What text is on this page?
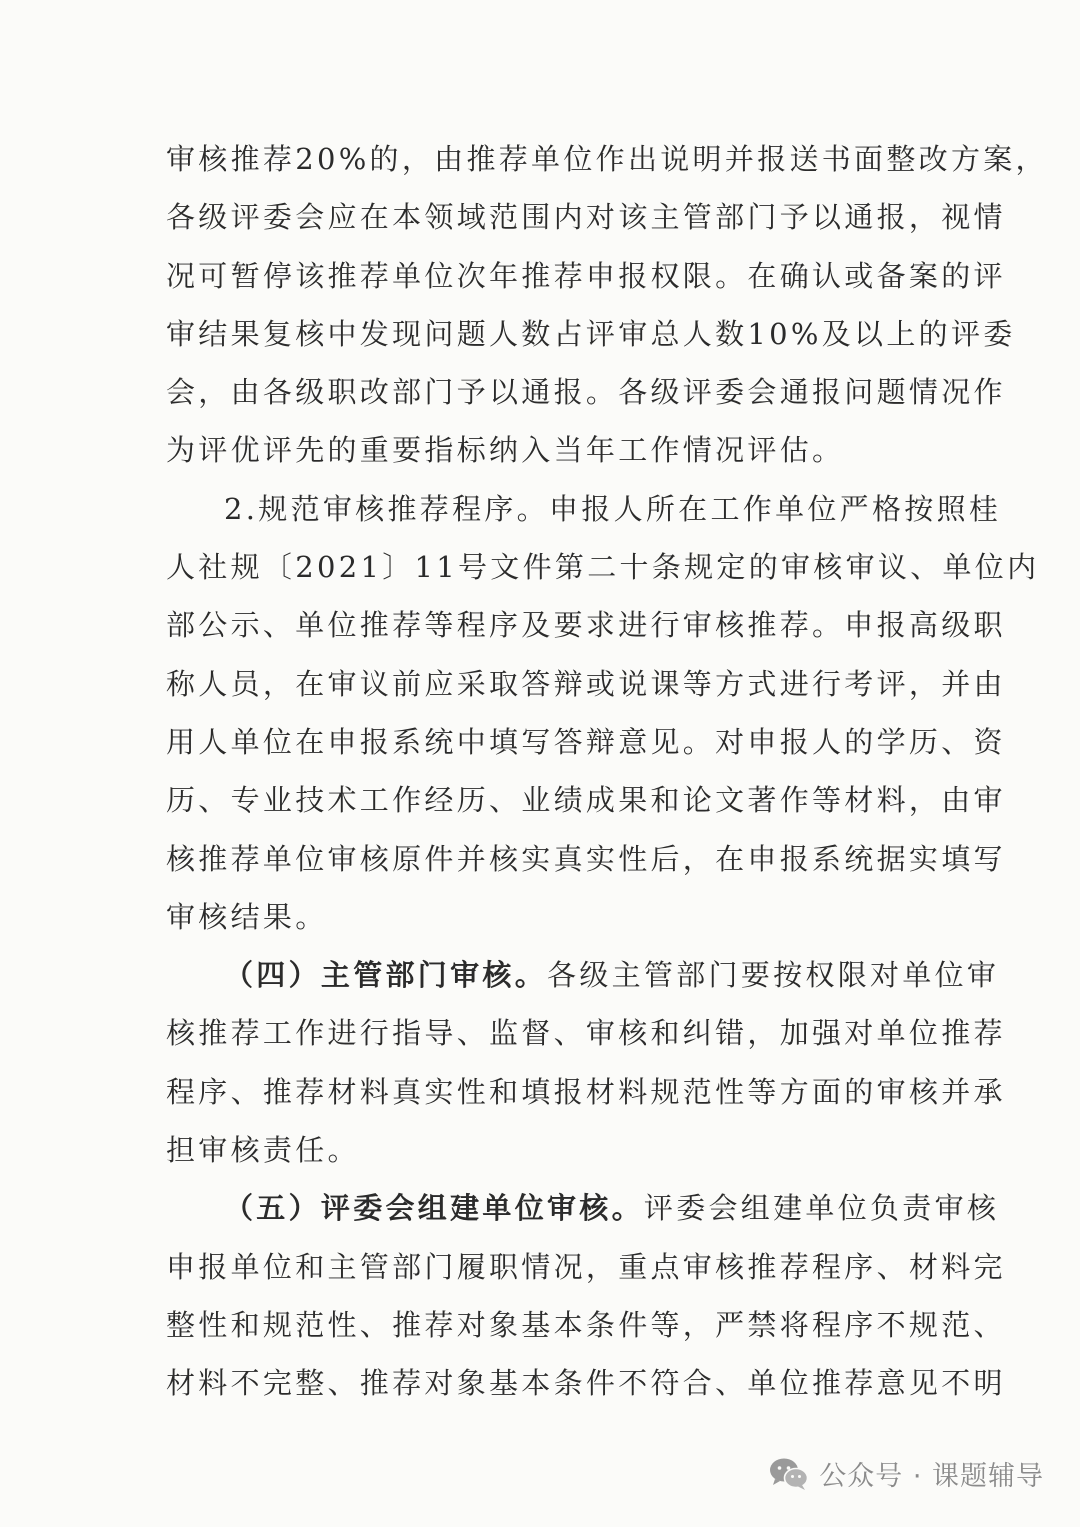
审核推荐20%的，由推荐单位作出说明并报送书面整改方案，
各级评委会应在本领域范围内对该主管部门予以通报，视情
况可暂停该推荐单位次年推荐申报权限。在确认或备案的评
审结果复核中发现问题人数占评审总人数10%及以上的评委
会，由各级职改部门予以通报。各级评委会通报问题情况作
为评优评先的重要指标纳入当年工作情况评估。
2.规范审核推荐程序。申报人所在工作单位严格按照桂
人社规〔2021〕11号文件第二十条规定的审核审议、单位内
部公示、单位推荐等程序及要求进行审核推荐。申报高级职
称人员，在审议前应采取答辩或说课等方式进行考评，并由
用人单位在申报系统中填写答辩意见。对申报人的学历、资
历、专业技术工作经历、业绩成果和论文著作等材料，由审
核推荐单位审核原件并核实真实性后，在申报系统据实填写
审核结果。
（四）主管部门审核。各级主管部门要按权限对单位审
核推荐工作进行指导、监督、审核和纠错，加强对单位推荐
程序、推荐材料真实性和填报材料规范性等方面的审核并承
担审核责任。
（五）评委会组建单位审核。评委会组建单位负责审核
申报单位和主管部门履职情况，重点审核推荐程序、材料完
整性和规范性、推荐对象基本条件等，严禁将程序不规范、
材料不完整、推荐对象基本条件不符合、单位推荐意见不明
公众号 · 课题辅导
